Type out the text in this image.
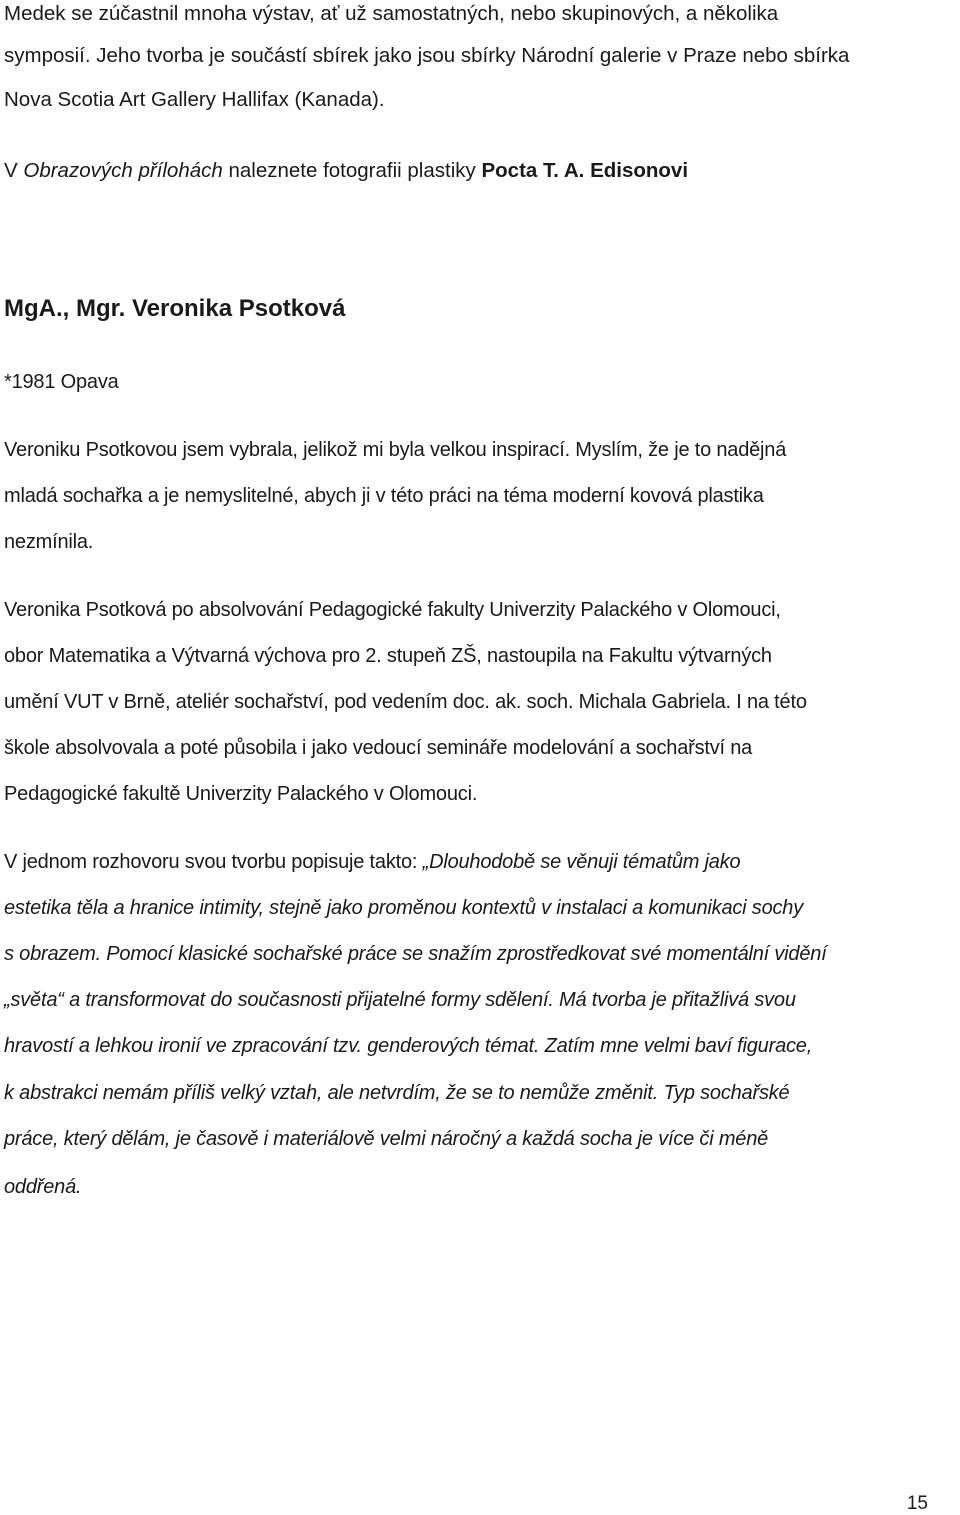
Medek se zúčastnil mnoha výstav, ať už samostatných, nebo skupinových, a několika
symposií. Jeho tvorba je součástí sbírek jako jsou sbírky Národní galerie v Praze nebo sbírka
Nova Scotia Art Gallery Hallifax (Kanada).
V Obrazových přílohách naleznete fotografii plastiky Pocta T. A. Edisonovi
MgA., Mgr. Veronika Psotková
*1981 Opava
Veroniku Psotkovou jsem vybrala, jelikož mi byla velkou inspirací. Myslím, že je to nadějná
mladá sochařka a je nemyslitelné, abych ji v této práci na téma moderní kovová plastika
nezmínila.
Veronika Psotková po absolvování Pedagogické fakulty Univerzity Palackého v Olomouci,
obor Matematika a Výtvarná výchova pro 2. stupeň ZŠ, nastoupila na Fakultu výtvarných
umění VUT v Brně, ateliér sochařství, pod vedením doc. ak. soch. Michala Gabriela. I na této
škole absolvovala a poté působila i jako vedoucí semináře modelování a sochařství na
Pedagogické fakultě Univerzity Palackého v Olomouci.
V jednom rozhovoru svou tvorbu popisuje takto: „Dlouhodobě se věnuji tématům jako
estetika těla a hranice intimity, stejně jako proměnou kontextů v instalaci a komunikaci sochy
s obrazem. Pomocí klasické sochařské práce se snažím zprostředkovat své momentální vidění
„světa“ a transformovat do současnosti přijatelné formy sdělení. Má tvorba je přitažlivá svou
hravostí a lehkou ironií ve zpracování tzv. genderových témat. Zatím mne velmi baví figurace,
k abstrakci nemám příliš velký vztah, ale netvrdím, že se to nemůže změnit. Typ sochařské
práce, který dělám, je časově i materiálově velmi náročný a každá socha je více či méně
oddřená.
15
